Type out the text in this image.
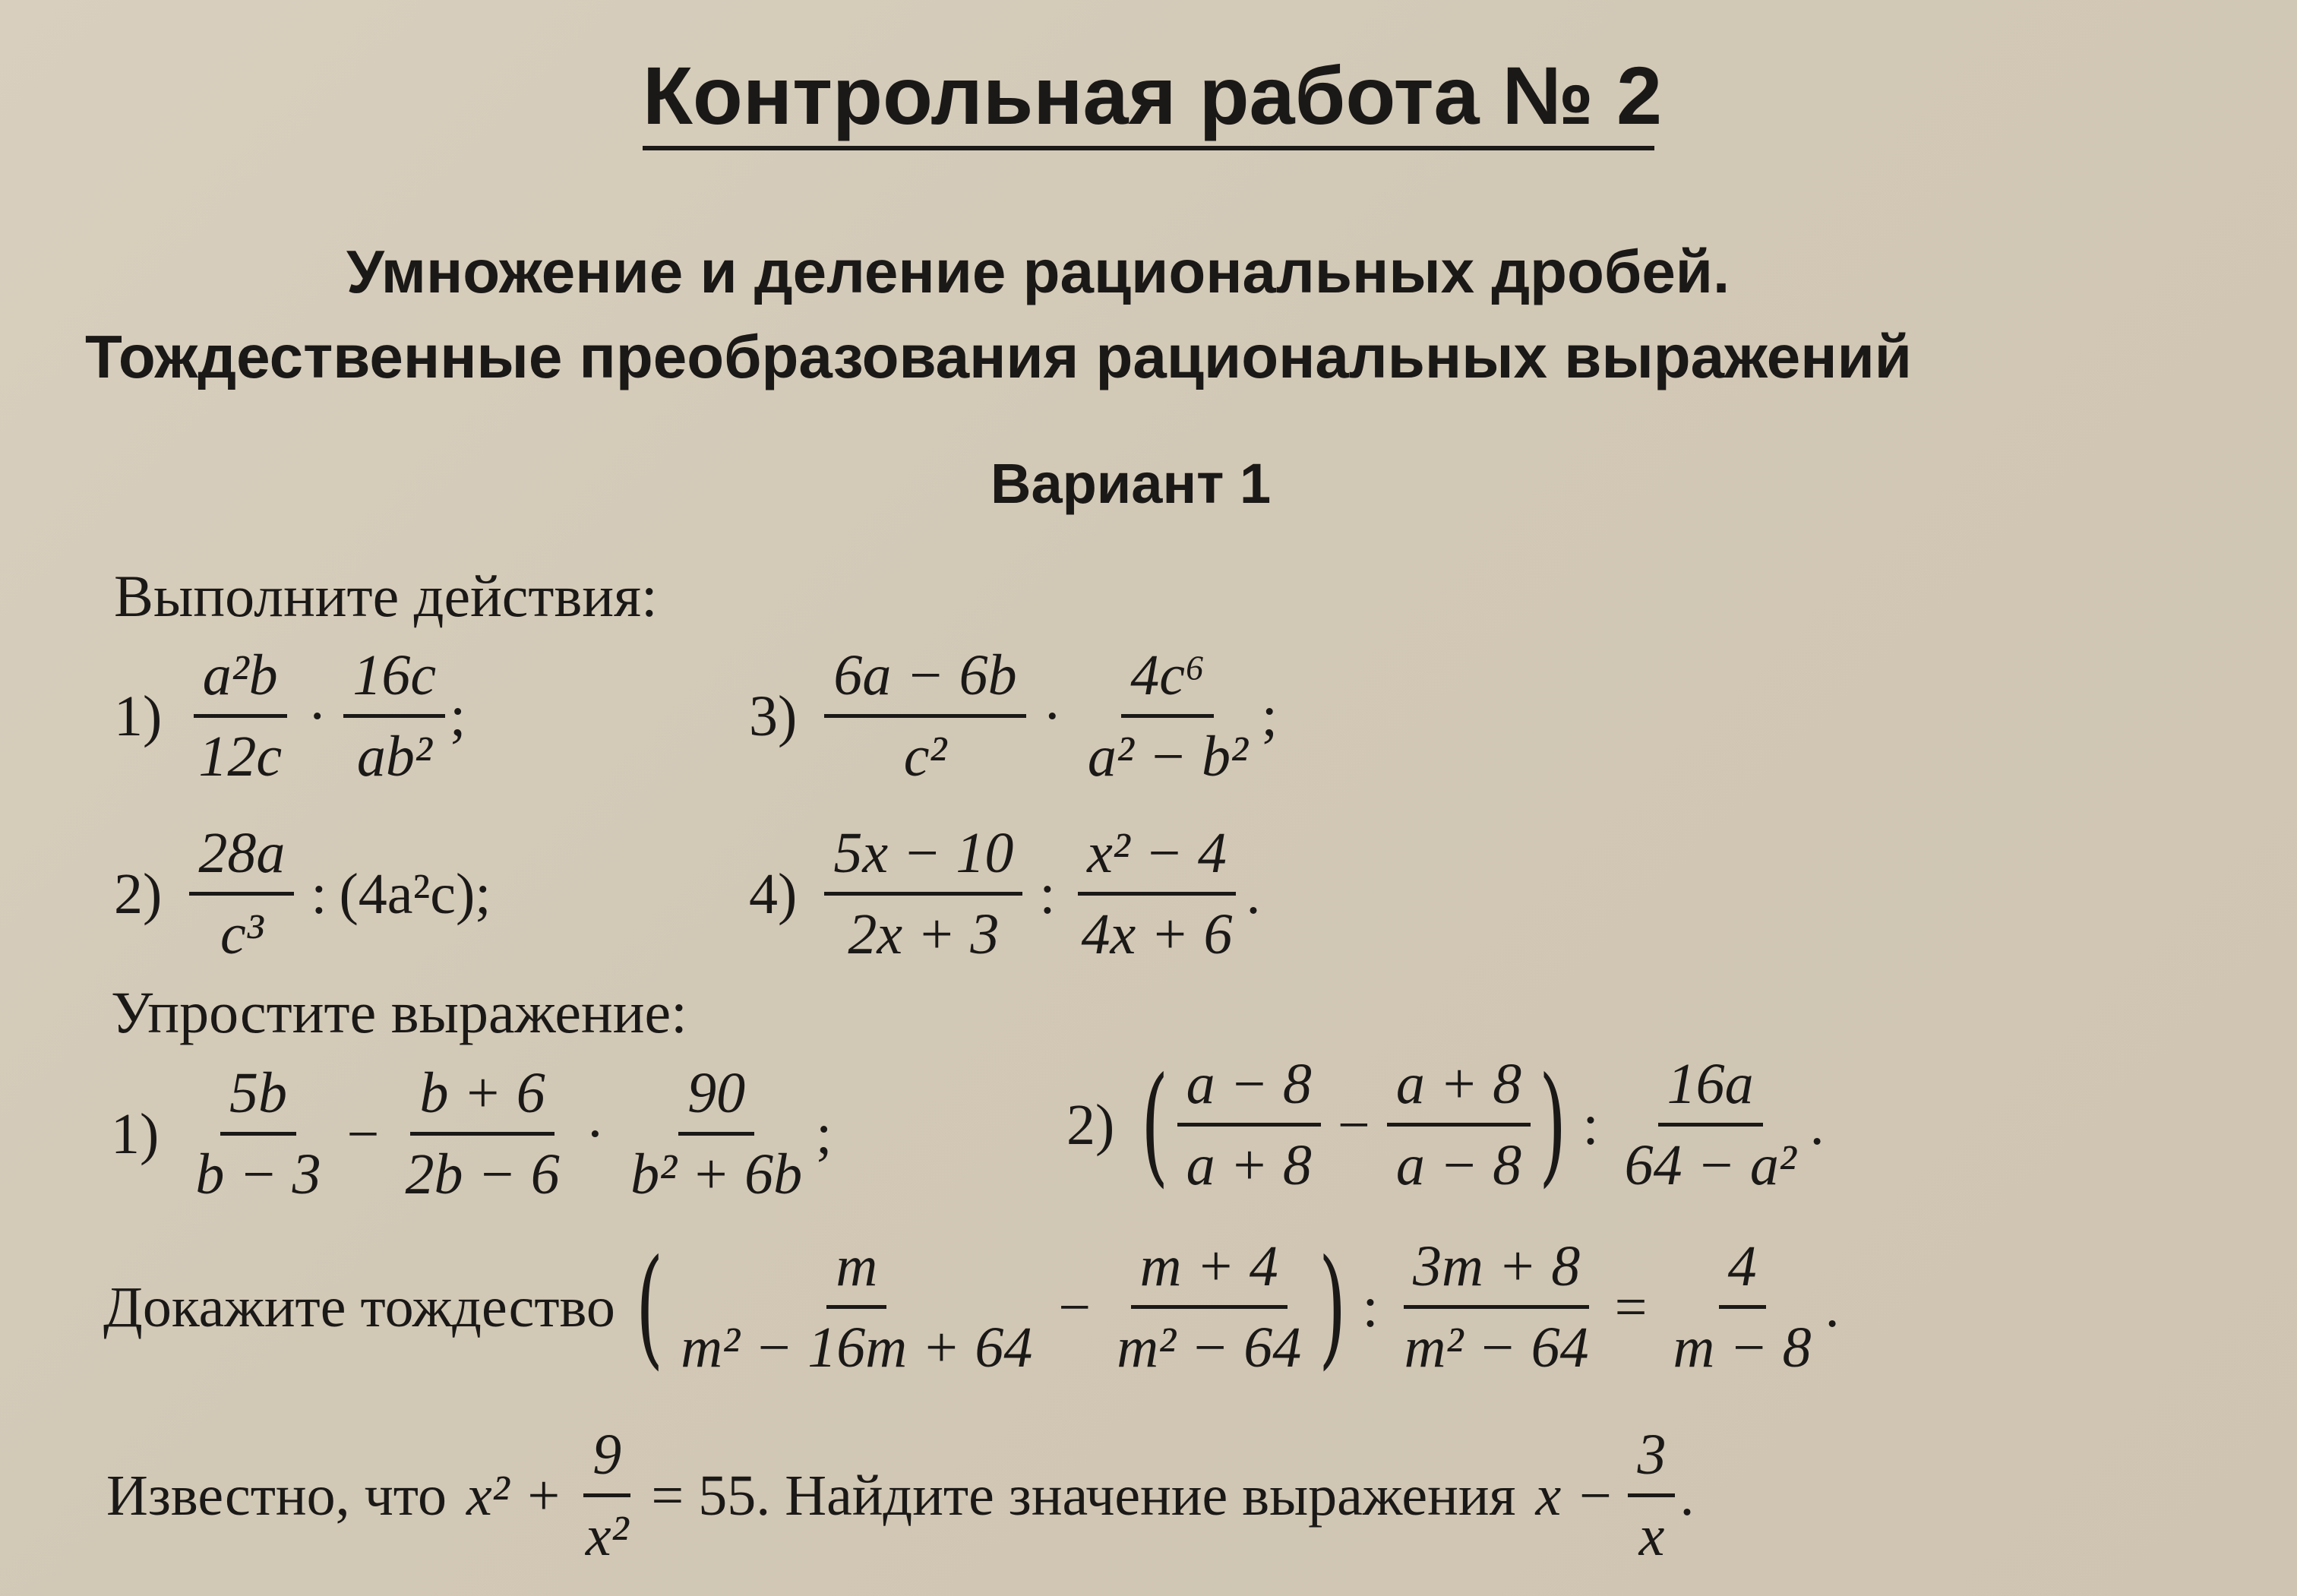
Контрольная работа № 2
Умножение и деление рациональных дробей.
Тождественные преобразования рациональных выражений
Вариант 1
Выполните действия:
$1) \frac{\text{a²b}}{12c} \cdot \frac{16c}{\text{ab²}}$ ;	$3) \frac{6a - 6b}{\text{c²}} \cdot \frac{\text{4c⁶}}{\text{a² − b²}}$ ;
$2) \frac{28a}{\text{c³}}$ : (4a²c);	$4) \frac{5x - 10}{2x + 3}$ : $\frac{\text{x² − 4}}{4x + 6}$ .
Упростите выражение:
$1) \frac{5b}{b - 3} - \frac{b + 6}{2b - 6} \cdot \frac{90}{\text{b² + 6b}}$ ;	2) ( $\frac{a - 8}{a + 8} - \frac{a + 8}{a - 8}$ ) : $\frac{16a}{\text{64 − a²}}$ .
Докажите тождество ( $\frac{m}{\text{m² − 16m + 64}} - \frac{m + 4}{\text{m² − 64}}$ ) : $\frac{3m + 8}{\text{m² − 64}} = \frac{4}{m - 8}$ .
Известно, что $x^2 + \frac{9}{\text{x²}} = 55$. Найдите значение выражения $x - \frac{3}{x}$ .
